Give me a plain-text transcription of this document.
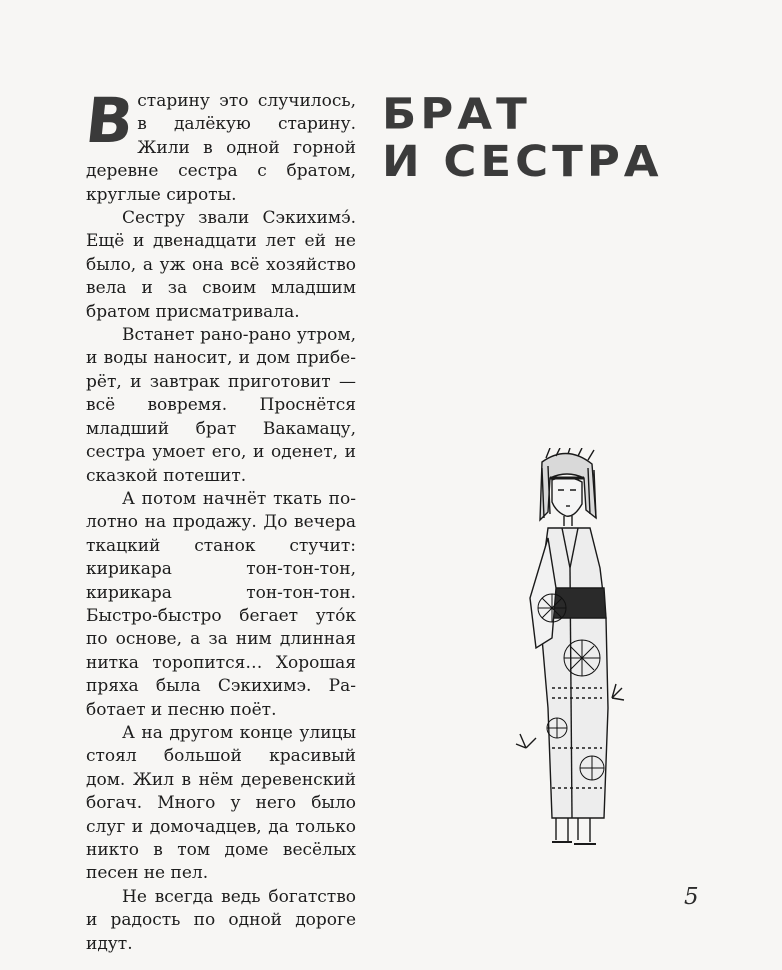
В старину это случилось, в далёкую старину. Жили в одной горной деревне сестра с братом, круглые сироты.

Сестру звали Сэкихимэ́. Ещё и двенадцати лет ей не было, а уж она всё хозяйство вела и за своим младшим братом присматривала.

Встанет рано-рано утром, и воды наносит, и дом приберёт, и завтрак приготовит — всё вовремя. Проснётся младший брат Вакамацу, сестра умоет его, и оденет, и сказкой потешит.

А потом начнёт ткать полотно на продажу. До вечера ткацкий станок стучит: кирикара тон-тон-тон, кирикара тон-тон-тон. Быстро-быстро бегает уто́к по основе, а за ним длинная нитка торопится… Хорошая пряха была Сэкихимэ. Работает и песню поёт.

А на другом конце улицы стоял большой красивый дом. Жил в нём деревенский богач. Много у него было слуг и домочадцев, да только никто в том доме весёлых песен не пел.

Не всегда ведь богатство и радость по одной дороге идут.

БРАТ
И СЕСТРА
5
